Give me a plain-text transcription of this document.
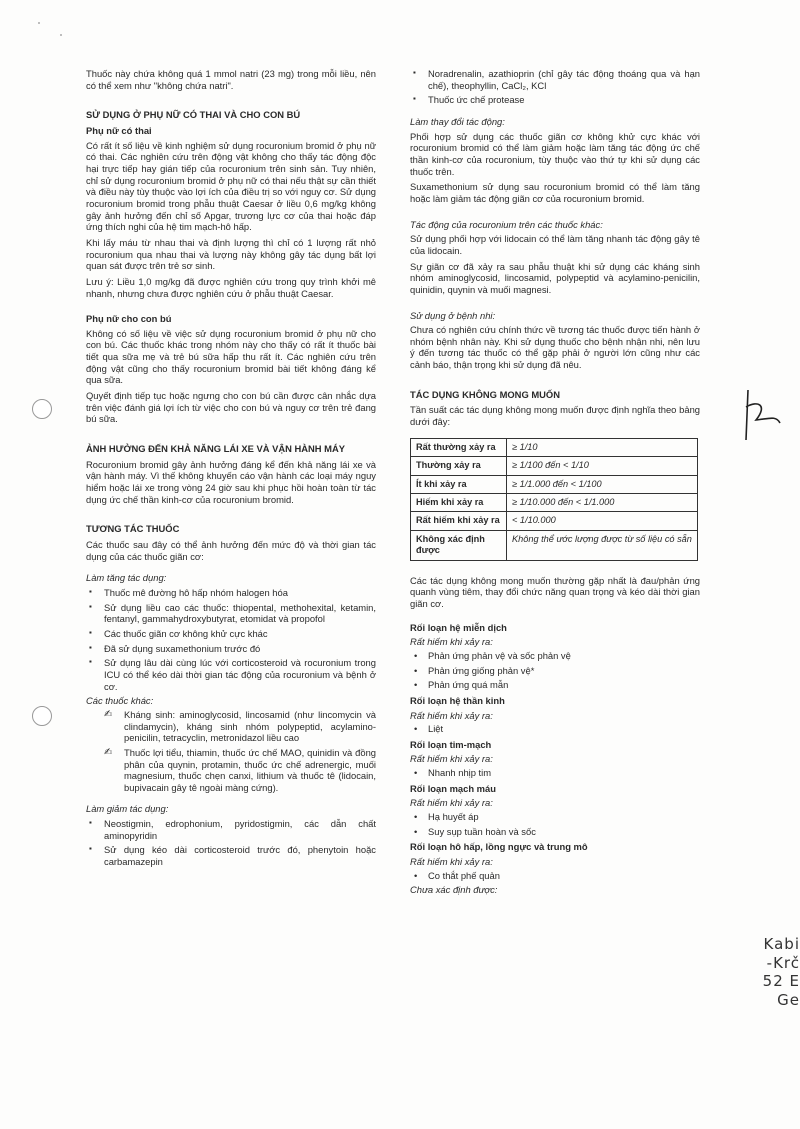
Thuốc này chứa không quá 1 mmol natri (23 mg) trong mỗi liều, nên có thể xem như "không chứa natri".

SỬ DỤNG Ở PHỤ NỮ CÓ THAI VÀ CHO CON BÚ
Phụ nữ có thai

Có rất ít số liệu về kinh nghiệm sử dụng rocuronium bromid ở phụ nữ có thai. Các nghiên cứu trên động vật không cho thấy tác động độc hại trực tiếp hay gián tiếp của rocuronium trên sinh sản. Tuy nhiên, chỉ sử dụng rocuronium bromid ở phụ nữ có thai nếu thật sự cần thiết và điều này tùy thuộc vào lợi ích của điều trị so với nguy cơ. Sử dụng rocuronium bromid trong phẫu thuật Caesar ở liều 0,6 mg/kg không gây ảnh hưởng đến chỉ số Apgar, trương lực cơ của thai hoặc đáp ứng thích nghi của hệ tim mạch-hô hấp.

Khi lấy máu từ nhau thai và định lượng thì chỉ có 1 lượng rất nhỏ rocuronium qua nhau thai và lượng này không gây tác dụng bất lợi quan sát được trên trẻ sơ sinh.

Lưu ý: Liều 1,0 mg/kg đã được nghiên cứu trong quy trình khởi mê nhanh, nhưng chưa được nghiên cứu ở phẫu thuật Caesar.

Phụ nữ cho con bú

Không có số liệu về việc sử dụng rocuronium bromid ở phụ nữ cho con bú. Các thuốc khác trong nhóm này cho thấy có rất ít thuốc bài tiết qua sữa mẹ và trẻ bú sữa hấp thu rất ít. Các nghiên cứu trên động vật cũng cho thấy rocuronium bromid bài tiết không đáng kể qua sữa.

Quyết định tiếp tục hoặc ngưng cho con bú cần được cân nhắc dựa trên việc đánh giá lợi ích từ việc cho con bú và nguy cơ trên trẻ đang bú sữa.

ẢNH HƯỞNG ĐẾN KHẢ NĂNG LÁI XE VÀ VẬN HÀNH MÁY

Rocuronium bromid gây ảnh hưởng đáng kể đến khả năng lái xe và vận hành máy. Vì thế không khuyến cáo vận hành các loại máy nguy hiểm hoặc lái xe trong vòng 24 giờ sau khi phục hồi hoàn toàn từ tác dụng ức chế thần kinh-cơ của rocuronium bromid.

TƯƠNG TÁC THUỐC

Các thuốc sau đây có thể ảnh hưởng đến mức độ và thời gian tác dụng của các thuốc giãn cơ:

Làm tăng tác dụng:
▪ Thuốc mê đường hô hấp nhóm halogen hóa
▪ Sử dụng liều cao các thuốc: thiopental, methohexital, ketamin, fentanyl, gammahydroxybutyrat, etomidat và propofol
▪ Các thuốc giãn cơ không khử cực khác
▪ Đã sử dụng suxamethonium trước đó
▪ Sử dụng lâu dài cùng lúc với corticosteroid và rocuronium trong ICU có thể kéo dài thời gian tác động của rocuronium và bệnh ở cơ.
Các thuốc khác:
✍ Kháng sinh: aminoglycosid, lincosamid (như lincomycin và clindamycin), kháng sinh nhóm polypeptid, acylamino-penicilin, tetracyclin, metronidazol liều cao
✍ Thuốc lợi tiểu, thiamin, thuốc ức chế MAO, quinidin và đồng phân của quynin, protamin, thuốc ức chế adrenergic, muối magnesium, thuốc chẹn canxi, lithium và thuốc tê (lidocain, bupivacain gây tê ngoài màng cứng).
Làm giảm tác dụng:
▪ Neostigmin, edrophonium, pyridostigmin, các dẫn chất aminopyridin
▪ Sử dụng kéo dài corticosteroid trước đó, phenytoin hoặc carbamazepin
▪ Noradrenalin, azathioprin (chỉ gây tác động thoáng qua và hạn chế), theophyllin, CaCl₂, KCl
▪ Thuốc ức chế protease
Làm thay đổi tác động:

Phối hợp sử dụng các thuốc giãn cơ không khử cực khác với rocuronium bromid có thể làm giảm hoặc làm tăng tác động ức chế thần kinh-cơ của rocuronium, tùy thuộc vào thứ tự khi sử dụng các thuốc trên.

Suxamethonium sử dụng sau rocuronium bromid có thể làm tăng hoặc làm giảm tác động giãn cơ của rocuronium bromid.

Tác động của rocuronium trên các thuốc khác:

Sử dụng phối hợp với lidocain có thể làm tăng nhanh tác động gây tê của lidocain.

Sự giãn cơ đã xảy ra sau phẫu thuật khi sử dụng các kháng sinh nhóm aminoglycosid, lincosamid, polypeptid và acylamino-penicilin, quinidin, quynin và muối magnesi.

Sử dụng ở bệnh nhi:

Chưa có nghiên cứu chính thức về tương tác thuốc được tiến hành ở nhóm bệnh nhân này. Khi sử dụng thuốc cho bệnh nhận nhi, nên lưu ý đến tương tác thuốc có thể gặp phải ở người lớn cũng như các cảnh báo, thận trọng khi sử dụng đã nêu.

TÁC DỤNG KHÔNG MONG MUỐN

Tần suất các tác dụng không mong muốn được định nghĩa theo bảng dưới đây:

Rất thường xảy ra	≥ 1/10
Thường xảy ra	≥ 1/100 đến < 1/10
Ít khi xảy ra	≥ 1/1.000 đến < 1/100
Hiếm khi xảy ra	≥ 1/10.000 đến < 1/1.000
Rất hiếm khi xảy ra	< 1/10.000
Không xác định được	Không thể ước lượng được từ số liệu có sẵn

Các tác dụng không mong muốn thường gặp nhất là đau/phản ứng quanh vùng tiêm, thay đổi chức năng quan trọng và kéo dài thời gian giãn cơ.

Rối loạn hệ miễn dịch
Rất hiếm khi xảy ra:
• Phản ứng phản vệ và sốc phản vệ
• Phản ứng giống phản vệ*
• Phản ứng quá mẫn
Rối loạn hệ thần kinh
Rất hiếm khi xảy ra:
• Liệt
Rối loạn tim-mạch
Rất hiếm khi xảy ra:
• Nhanh nhịp tim
Rối loạn mạch máu
Rất hiếm khi xảy ra:
• Hạ huyết áp
• Suy sụp tuần hoàn và sốc
Rối loạn hô hấp, lồng ngực và trung mô
Rất hiếm khi xảy ra:
• Co thắt phế quản
Chưa xác định được:
Kabi
-Krč
52 E
Ge
